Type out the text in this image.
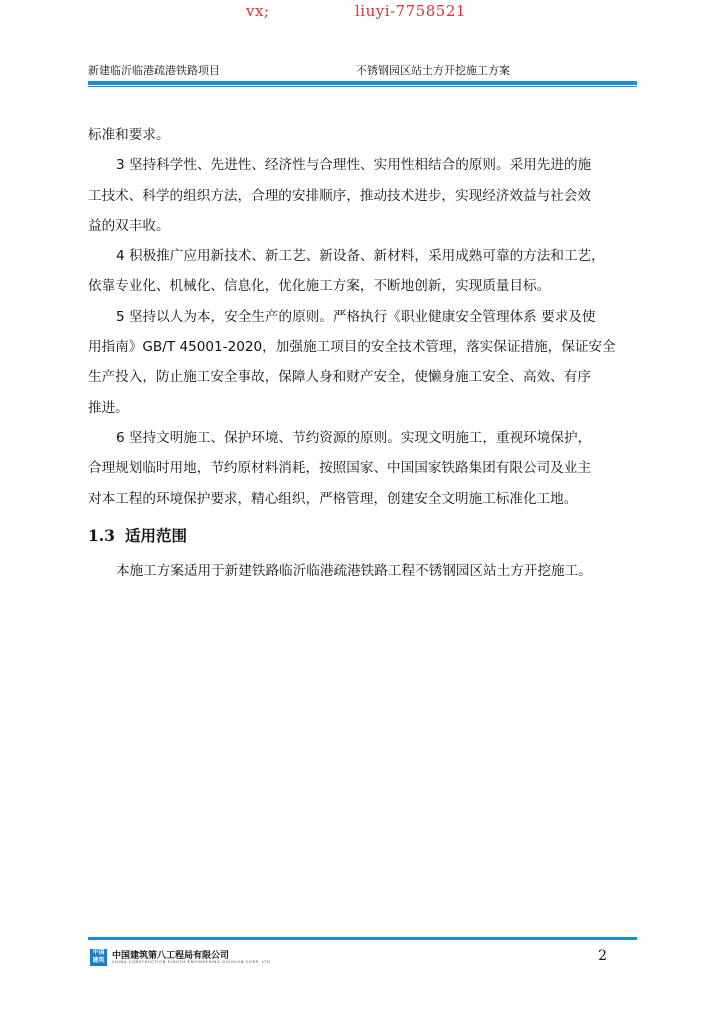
vx;	liuyi-7758521
新建临沂临港疏港铁路项目	不锈钢园区站土方开挖施工方案

标准和要求。

3 坚持科学性、先进性、经济性与合理性、实用性相结合的原则。采用先进的施
工技术、科学的组织方法，合理的安排顺序，推动技术进步，实现经济效益与社会效
益的双丰收。

4 积极推广应用新技术、新工艺、新设备、新材料，采用成熟可靠的方法和工艺，
依靠专业化、机械化、信息化，优化施工方案，不断地创新，实现质量目标。

5 坚持以人为本，安全生产的原则。严格执行《职业健康安全管理体系 要求及使
用指南》GB/T 45001-2020，加强施工项目的安全技术管理，落实保证措施，保证安全
生产投入，防止施工安全事故，保障人身和财产安全，使懒身施工安全、高效、有序
推进。

6 坚持文明施工、保护环境、节约资源的原则。实现文明施工，重视环境保护，
合理规划临时用地，节约原材料消耗，按照国家、中国国家铁路集团有限公司及业主
对本工程的环境保护要求，精心组织，严格管理，创建安全文明施工标准化工地。

1.3 适用范围

本施工方案适用于新建铁路临沂临港疏港铁路工程不锈钢园区站土方开挖施工。

中国建筑 中国建筑第八工程局有限公司
CHINA CONSTRUCTION EIGHTH ENGINEERING DIVISION CORP. LTD	2
